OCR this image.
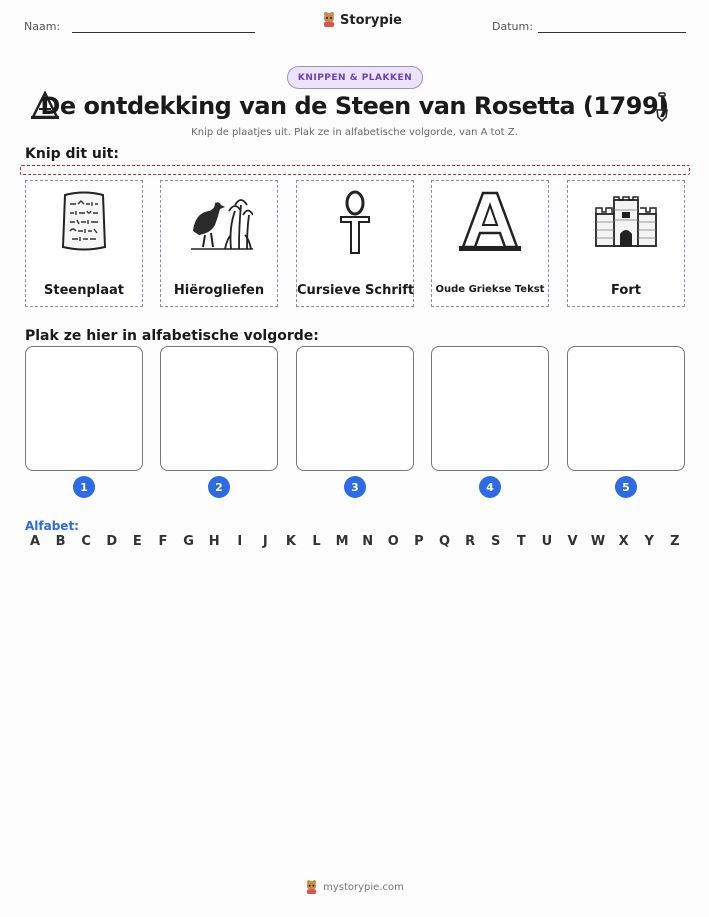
Naam:	Storypie	Datum:
KNIPPEN & PLAKKEN
De ontdekking van de Steen van Rosetta (1799)
Knip de plaatjes uit. Plak ze in alfabetische volgorde, van A tot Z.
Knip dit uit:
Steenplaat	Hiërogliefen	Cursieve Schrift	Oude Griekse Tekst	Fort
Plak ze hier in alfabetische volgorde:
1	2	3	4	5
Alfabet:
A	B	C	D	E	F	G	H	I	J	K	L	M	N	O	P	Q	R	S	T	U	V	W	X	Y	Z
mystorypie.com
